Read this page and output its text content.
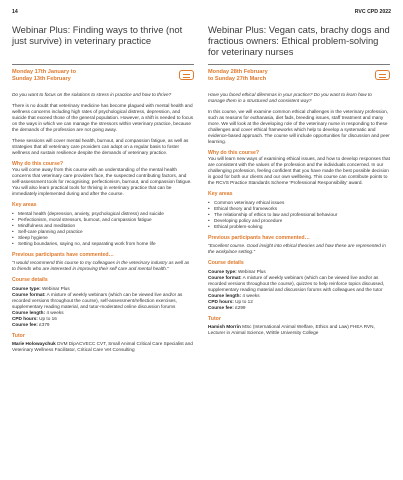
14	RVC CPD 2022
Webinar Plus: Finding ways to thrive (not just survive) in veterinary practice
Monday 17th January to
Sunday 13th February

Do you want to focus on the solutions to stress in practice and how to thrive?

There is no doubt that veterinary medicine has become plagued with mental health and wellness concerns including high rates of psychological distress, depression, and suicide that exceed those of the general population. However, a shift is needed to focus on the ways in which we can manage the stressors within veterinary practice, because the demands of the profession are not going away.

These sessions will cover mental health, burnout, and compassion fatigue, as well as strategies that all veterinary care providers can adopt on a regular basis to foster wellness and sustain resilience despite the demands of veterinary practice.

Why do this course?

You will come away from this course with an understanding of the mental health concerns that veterinary care providers face, the suspected contributing factors, and self-assessment tools for recognising; perfectionism, burnout, and compassion fatigue. You will also learn practical tools for thriving in veterinary practice that can be immediately implemented during and after the course.

Key areas
• Mental health (depression, anxiety, psychological distress) and suicide
• Perfectionism, moral stressors, burnout, and compassion fatigue
• Mindfulness and meditation
• Self-care planning and practice
• Sleep hygiene
• Setting boundaries, saying no, and separating work from home life
Previous participants have commented…

"I would recommend this course to my colleagues in the veterinary industry as well as to friends who are interested in improving their self care and mental health."

Course details
Course type: Webinar Plus
Course format: A mixture of weekly webinars (which can be viewed live and/or as recorded versions throughout the course), self-assessment/reflection exercises, supplementary reading material, and tutor-moderated online discussion forums
Course length: 4 weeks
CPD hours: Up to 16
Course fee: £379
Tutor

Marie Holowaychuk DVM DipACVECC CVT, Small Animal Critical Care Specialist and Veterinary Wellness Facilitator, Critical Care Vet Consulting

Webinar Plus: Vegan cats, brachy dogs and fractious owners: Ethical problem-solving for veterinary nurses
Monday 28th February
to Sunday 27th March

Have you faced ethical dilemmas in your practice? Do you want to learn how to manage them in a structured and consistent way?

In this course, we will examine common ethical challenges in the veterinary profession, such as reasons for euthanasia, diet fads, breeding issues, staff treatment and many more. We will look at the developing role of the veterinary nurse in responding to these challenges and cover ethical frameworks which help to develop a systematic and evidence-based approach. The course will include opportunities for discussion and peer learning.

Why do this course?

You will learn new ways of examining ethical issues, and how to develop responses that are consistent with the values of the profession and the individuals concerned. In our challenging profession, feeling confident that you have made the best possible decision is good for both our clients and our own wellbeing. This course can contribute points to the RCVS Practice Standards Scheme 'Professional Responsibility' award.

Key areas
• Common veterinary ethical issues
• Ethical theory and frameworks
• The relationship of ethics to law and professional behaviour
• Developing policy and procedure
• Ethical problem-solving
Previous participants have commented…

"Excellent course. Good insight into ethical theories and how these are represented in the workplace setting."

Course details
Course type: Webinar Plus
Course format: A mixture of weekly webinars (which can be viewed live and/or as recorded versions throughout the course), quizzes to help reinforce topics discussed, supplementary reading material and discussion forums with colleagues and the tutor
Course length: 4 weeks
CPD hours: Up to 12
Course fee: £299
Tutor

Hamish Morrin MSc (International Animal Welfare, Ethics and Law) FHEA RVN, Lecturer in Animal Science, Writtle University College
